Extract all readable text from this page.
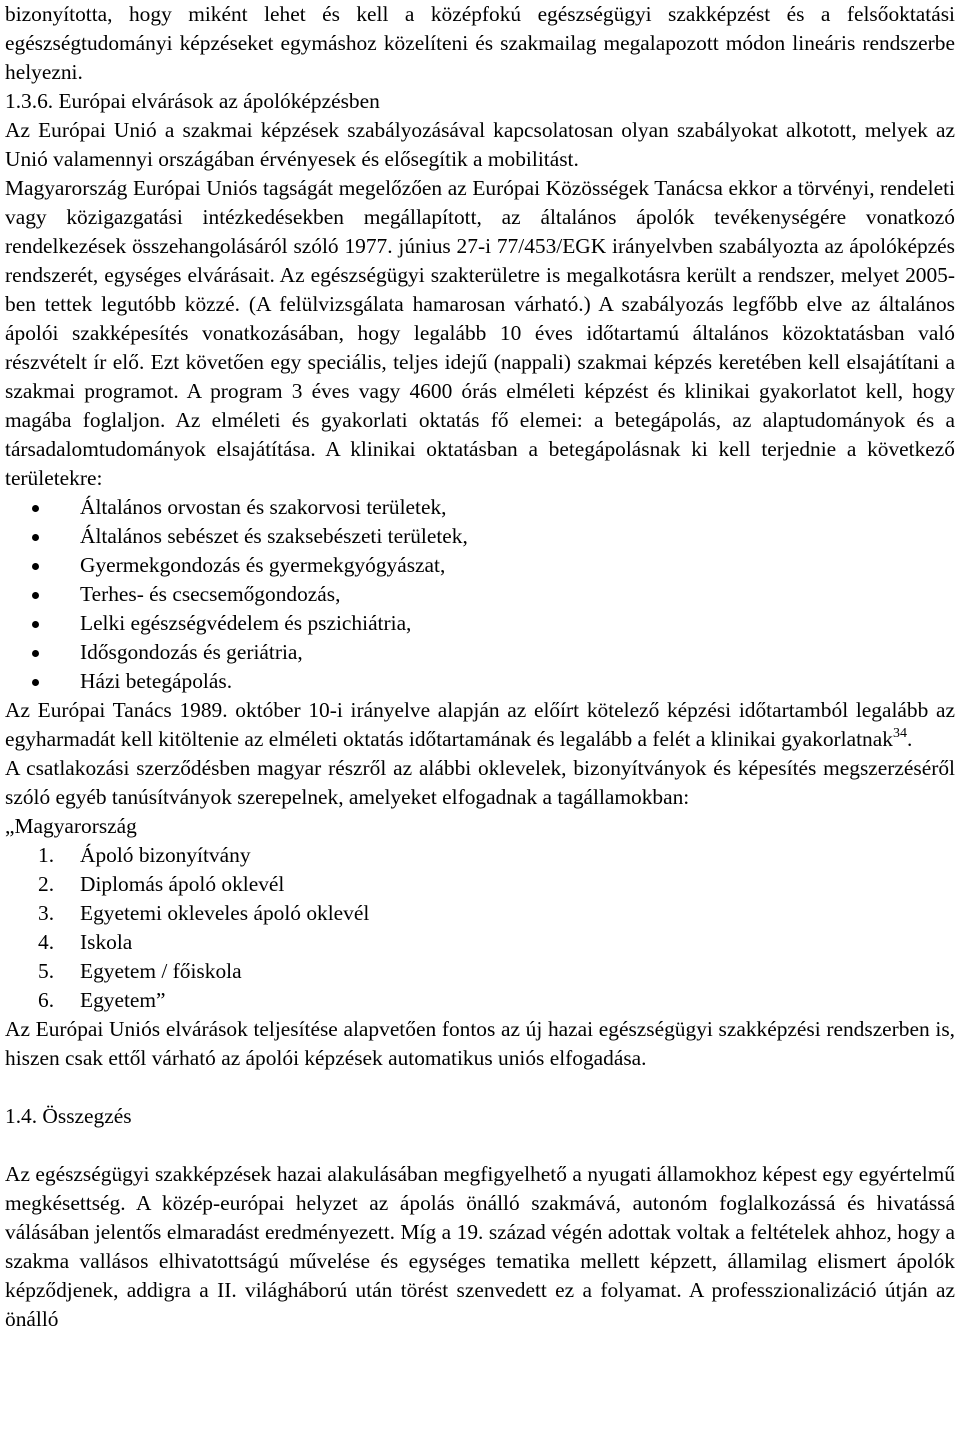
bizonyította, hogy miként lehet és kell a középfokú egészségügyi szakképzést és a felsőoktatási egészségtudományi képzéseket egymáshoz közelíteni és szakmailag megalapozott módon lineáris rendszerbe helyezni.

1.3.6. Európai elvárások az ápolóképzésben

Az Európai Unió a szakmai képzések szabályozásával kapcsolatosan olyan szabályokat alkotott, melyek az Unió valamennyi országában érvényesek és elősegítik a mobilitást.

Magyarország Európai Uniós tagságát megelőzően az Európai Közösségek Tanácsa ekkor a törvényi, rendeleti vagy közigazgatási intézkedésekben megállapított, az általános ápolók tevékenységére vonatkozó rendelkezések összehangolásáról szóló 1977. június 27-i 77/453/EGK irányelvben szabályozta az ápolóképzés rendszerét, egységes elvárásait. Az egészségügyi szakterületre is megalkotásra került a rendszer, melyet 2005-ben tettek legutóbb közzé. (A felülvizsgálata hamarosan várható.) A szabályozás legfőbb elve az általános ápolói szakképesítés vonatkozásában, hogy legalább 10 éves időtartamú általános közoktatásban való részvételt ír elő. Ezt követően egy speciális, teljes idejű (nappali) szakmai képzés keretében kell elsajátítani a szakmai programot. A program 3 éves vagy 4600 órás elméleti képzést és klinikai gyakorlatot kell, hogy magába foglaljon. Az elméleti és gyakorlati oktatás fő elemei: a betegápolás, az alaptudományok és a társadalomtudományok elsajátítása. A klinikai oktatásban a betegápolásnak ki kell terjednie a következő területekre:

Általános orvostan és szakorvosi területek,
Általános sebészet és szaksebészeti területek,
Gyermekgondozás és gyermekgyógyászat,
Terhes- és csecsemőgondozás,
Lelki egészségvédelem és pszichiátria,
Idősgondozás és geriátria,
Házi betegápolás.

Az Európai Tanács 1989. október 10-i irányelve alapján az előírt kötelező képzési időtartamból legalább az egyharmadát kell kitöltenie az elméleti oktatás időtartamának és legalább a felét a klinikai gyakorlatnak$^{34}$.

A csatlakozási szerződésben magyar részről az alábbi oklevelek, bizonyítványok és képesítés megszerzéséről szóló egyéb tanúsítványok szerepelnek, amelyeket elfogadnak a tagállamokban:

„Magyarország

1. Ápoló bizonyítvány
2. Diplomás ápoló oklevél
3. Egyetemi okleveles ápoló oklevél
4. Iskola
5. Egyetem / főiskola
6. Egyetem”

Az Európai Uniós elvárások teljesítése alapvetően fontos az új hazai egészségügyi szakképzési rendszerben is, hiszen csak ettől várható az ápolói képzések automatikus uniós elfogadása.

1.4. Összegzés

Az egészségügyi szakképzések hazai alakulásában megfigyelhető a nyugati államokhoz képest egy egyértelmű megkésettség. A közép-európai helyzet az ápolás önálló szakmává, autonóm foglalkozássá és hivatássá válásában jelentős elmaradást eredményezett. Míg a 19. század végén adottak voltak a feltételek ahhoz, hogy a szakma vallásos elhivatottságú művelése és egységes tematika mellett képzett, államilag elismert ápolók képződjenek, addigra a II. világháború után törést szenvedett ez a folyamat. A professzionalizáció útján az önálló
